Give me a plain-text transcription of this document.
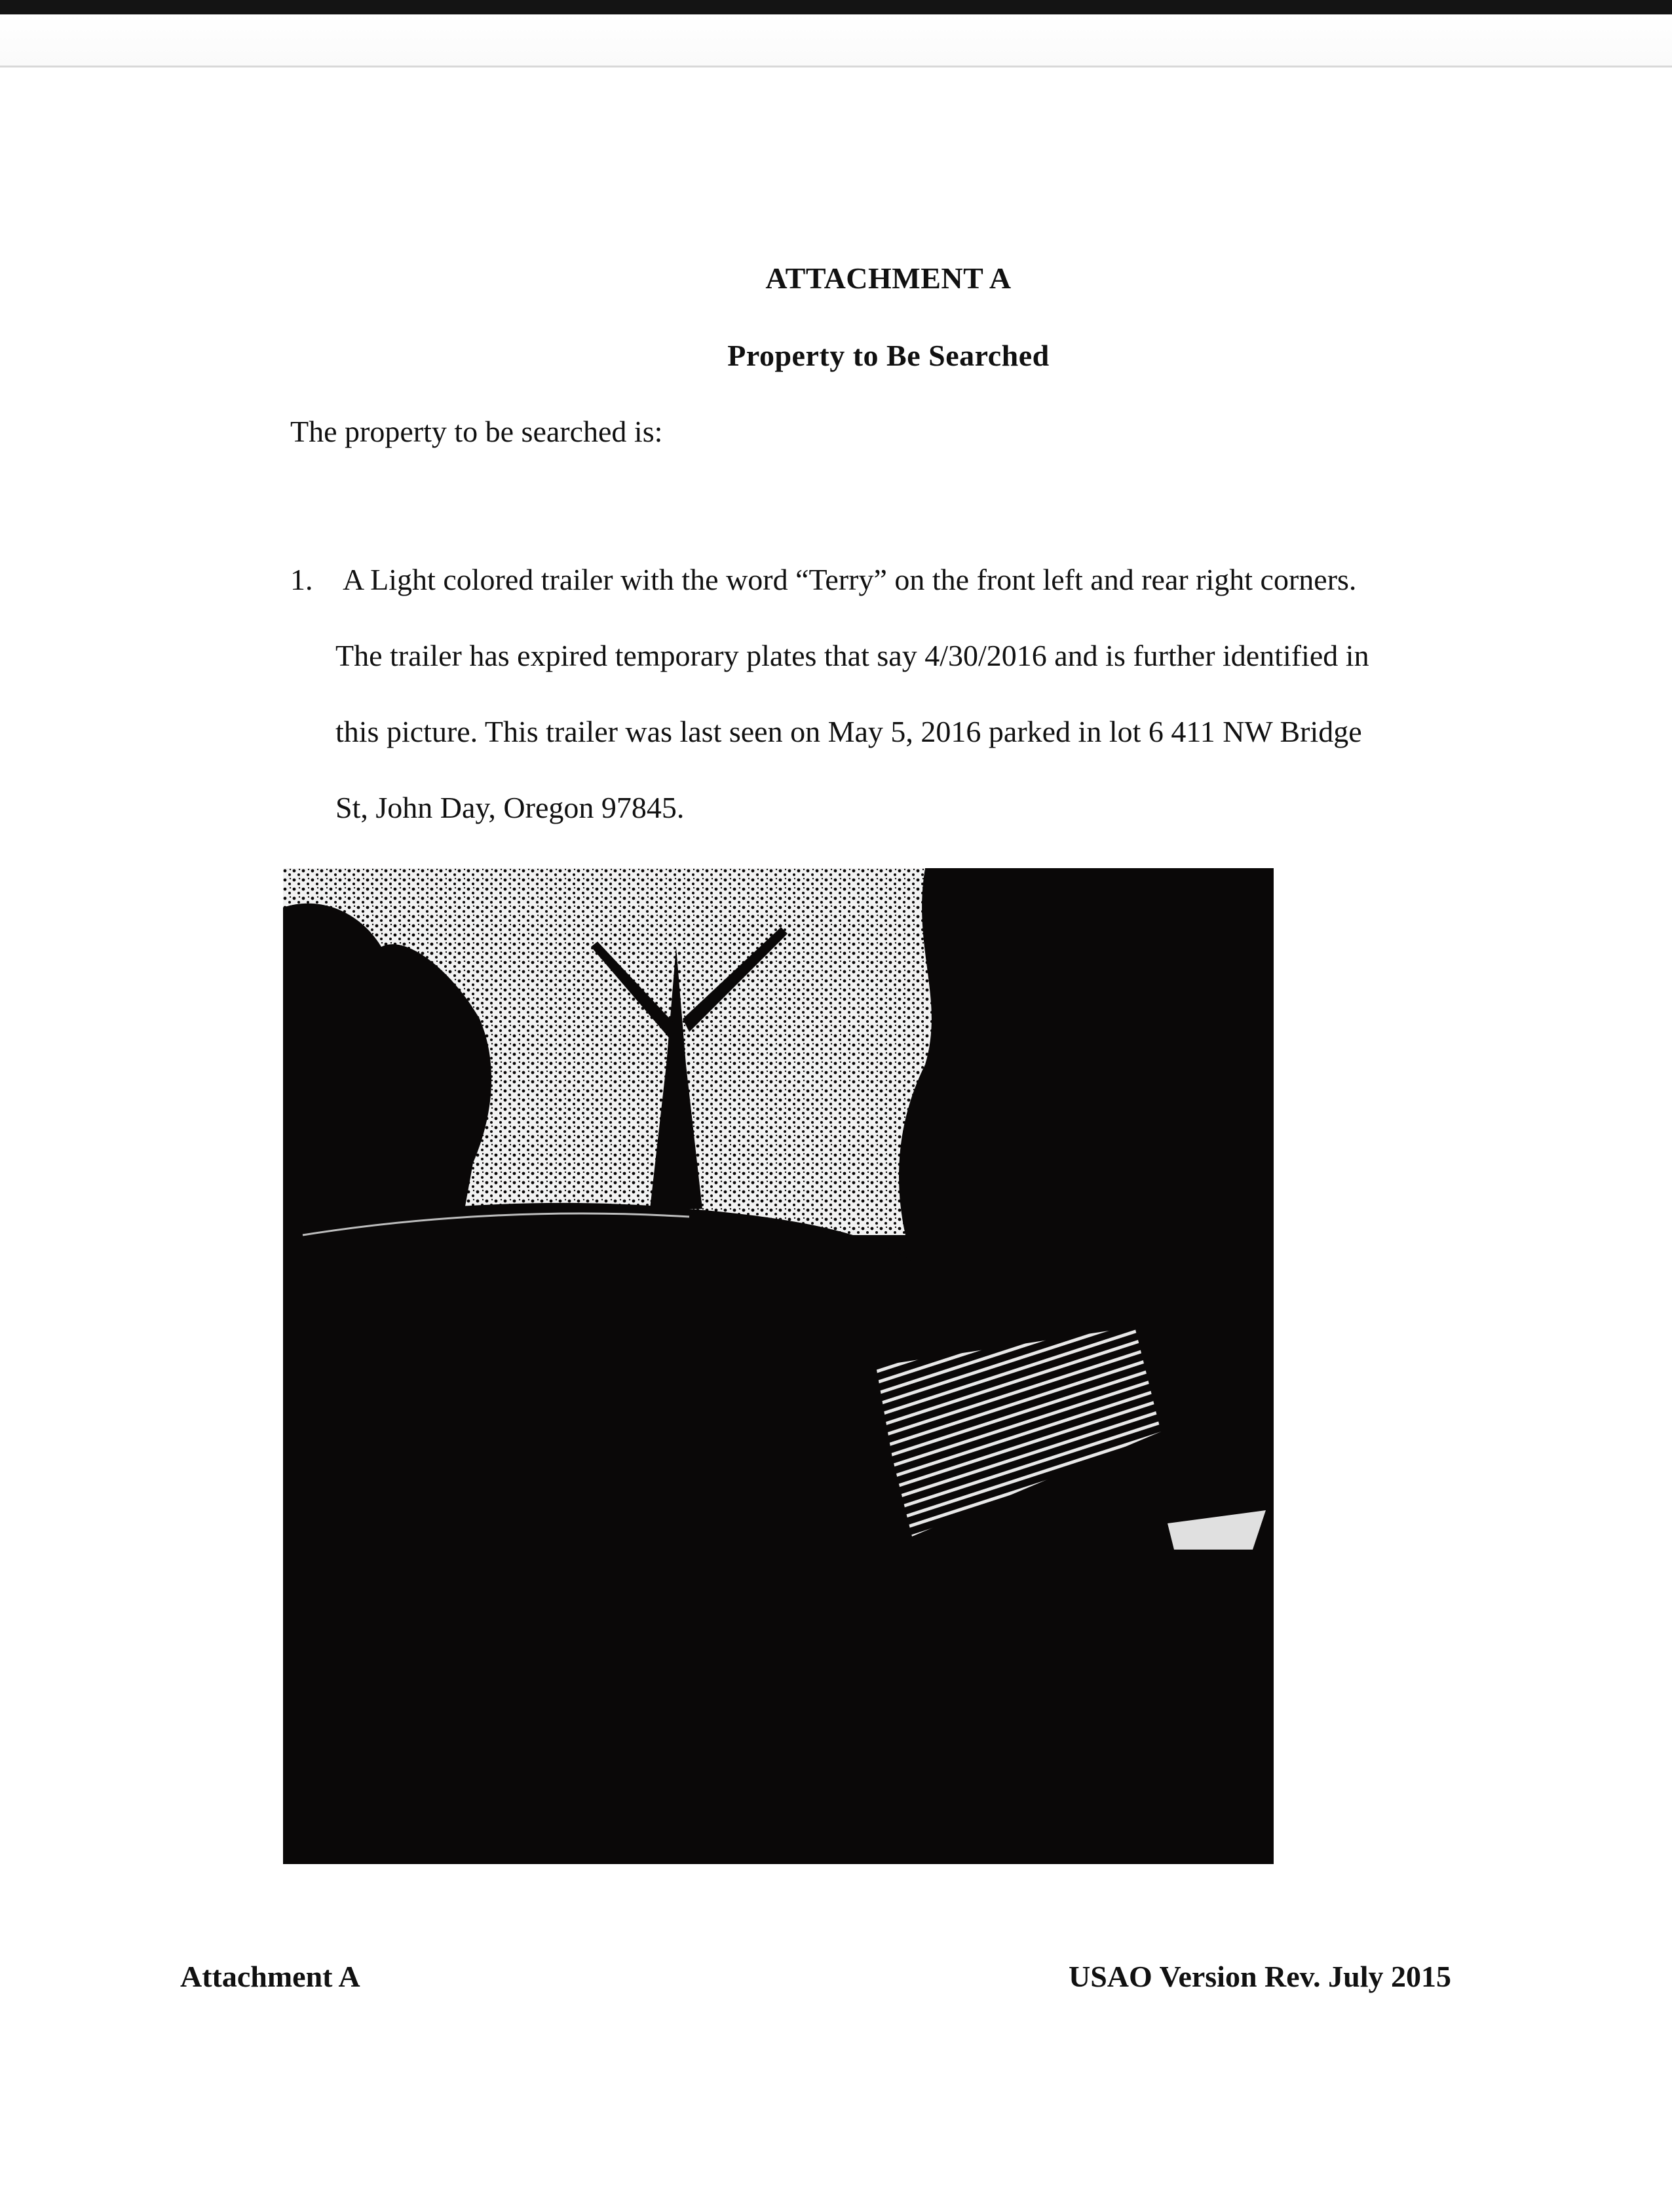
ATTACHMENT A
Property to Be Searched

The property to be searched is:

1. A Light colored trailer with the word “Terry” on the front left and rear right corners.
The trailer has expired temporary plates that say 4/30/2016 and is further identified in
this picture. This trailer was last seen on May 5, 2016 parked in lot 6 411 NW Bridge
St, John Day, Oregon 97845.

Attachment A	USAO Version Rev. July 2015
